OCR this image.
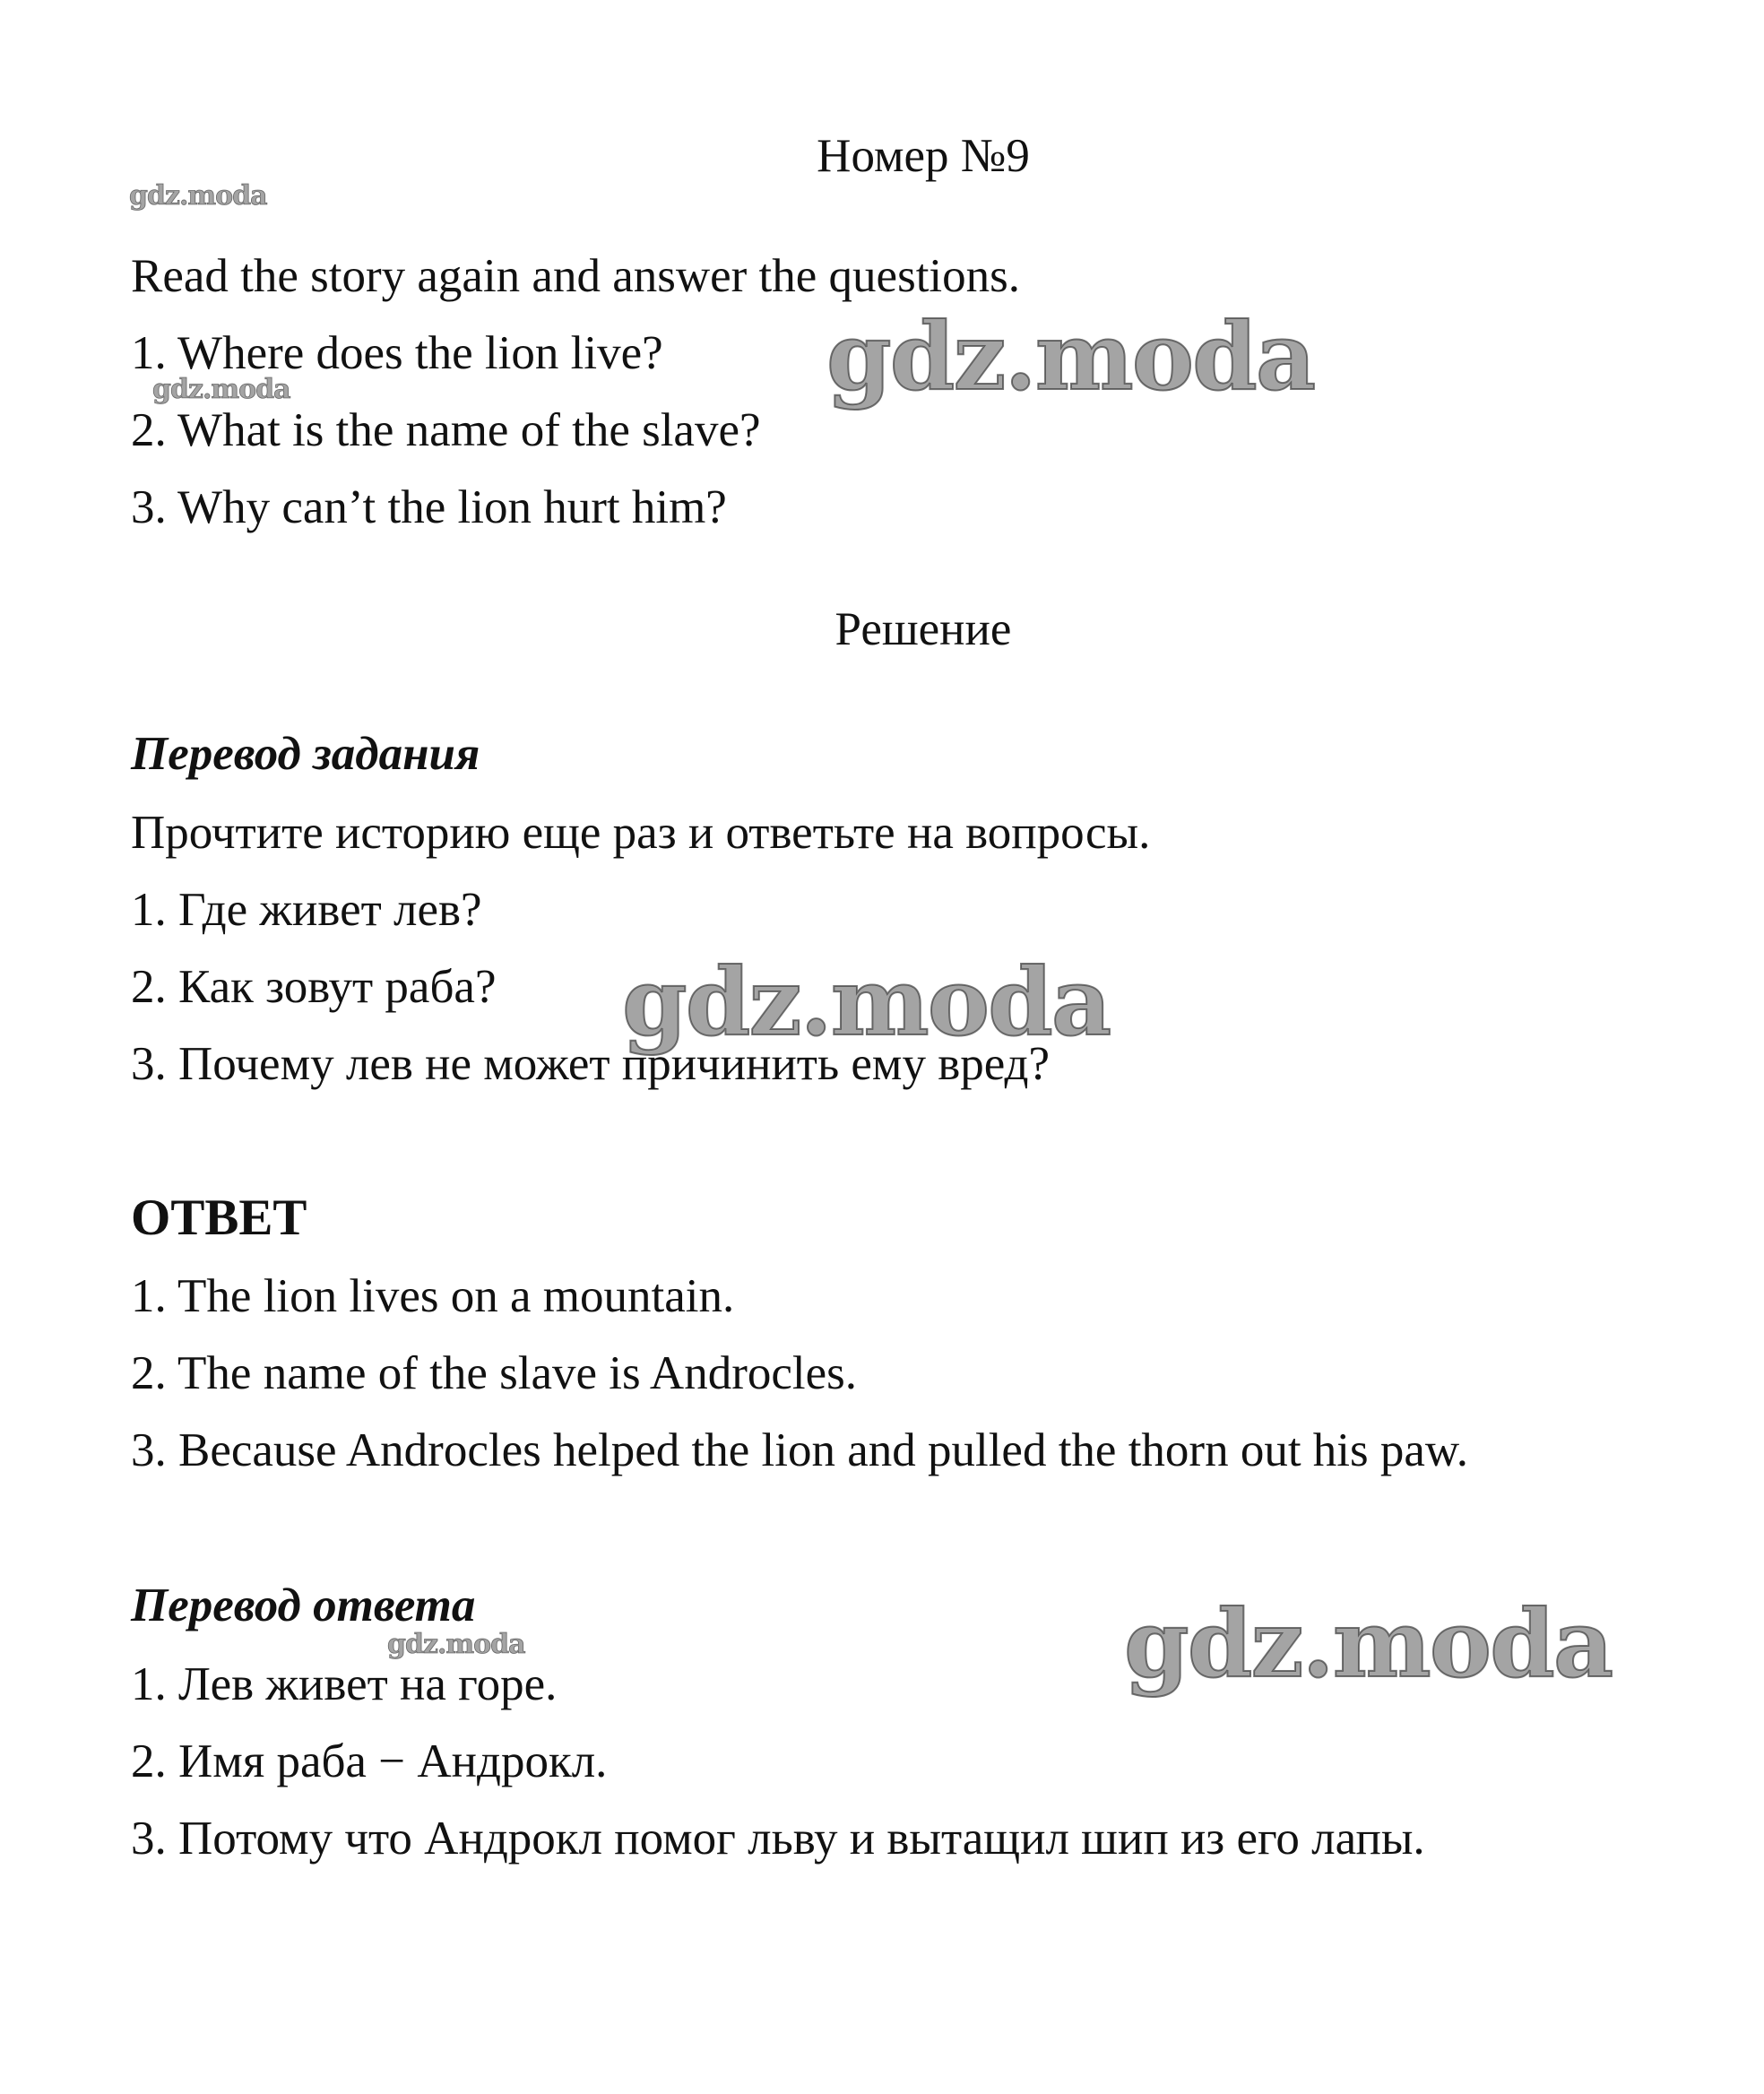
Номер №9
Read the story again and answer the questions.
1. Where does the lion live?
2. What is the name of the slave?
3. Why can’t the lion hurt him?
Решение
Перевод задания
Прочтите историю еще раз и ответьте на вопросы.
1. Где живет лев?
2. Как зовут раба?
3. Почему лев не может причинить ему вред?
ОТВЕТ
1. The lion lives on a mountain.
2. The name of the slave is Androcles.
3. Because Androcles helped the lion and pulled the thorn out his paw.
Перевод ответа
1. Лев живет на горе.
2. Имя раба − Андрокл.
3. Потому что Андрокл помог льву и вытащил шип из его лапы.
gdz.moda
gdz.moda
gdz.moda
gdz.moda
gdz.moda
gdz.moda
